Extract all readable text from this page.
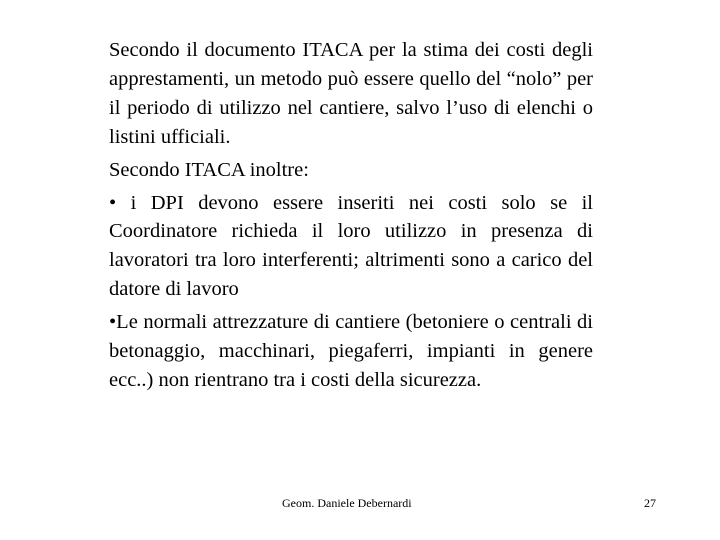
Secondo il documento ITACA per la stima dei costi degli apprestamenti, un metodo può essere quello del “nolo” per il periodo di utilizzo nel cantiere, salvo l’uso di elenchi o listini ufficiali.

Secondo ITACA inoltre:

• i DPI devono essere inseriti nei costi solo se il Coordinatore richieda il loro utilizzo in presenza di lavoratori tra loro interferenti; altrimenti sono a carico del datore di lavoro

•Le normali attrezzature di cantiere (betoniere o centrali di betonaggio, macchinari, piegaferri, impianti in genere ecc..) non rientrano tra i costi della sicurezza.

Geom. Daniele Debernardi	27
